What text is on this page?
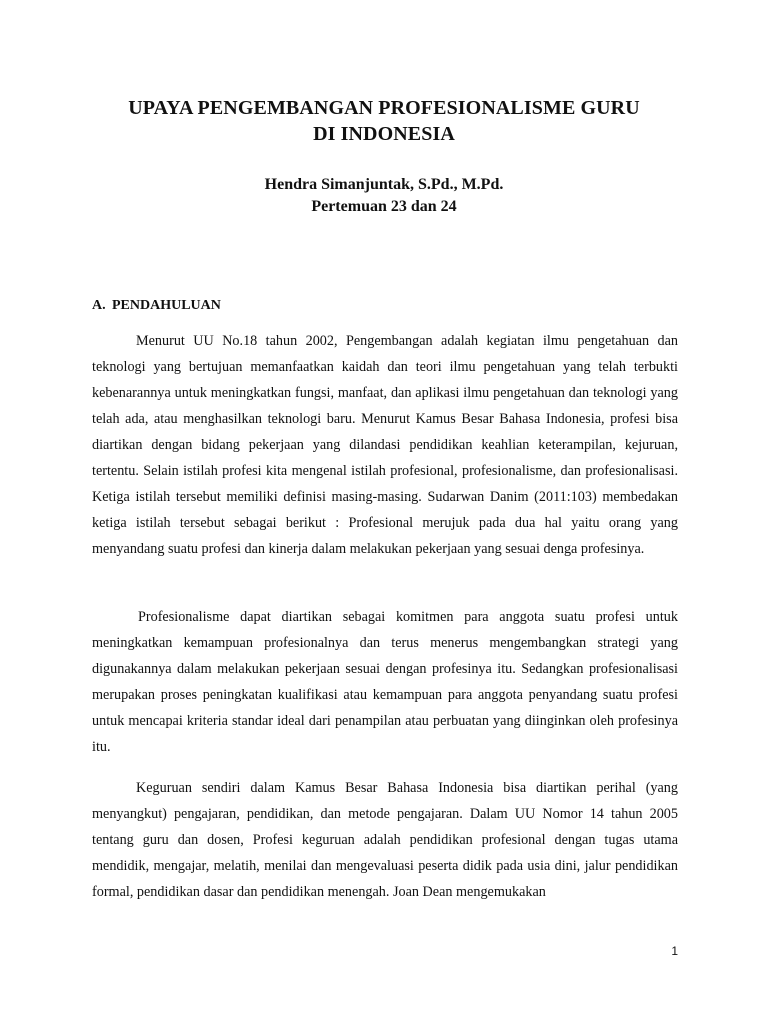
UPAYA PENGEMBANGAN PROFESIONALISME GURU
DI INDONESIA
Hendra Simanjuntak, S.Pd., M.Pd.
Pertemuan 23 dan 24
A. PENDAHULUAN

Menurut UU No.18 tahun 2002, Pengembangan adalah kegiatan ilmu pengetahuan dan teknologi yang bertujuan memanfaatkan kaidah dan teori ilmu pengetahuan yang telah terbukti kebenarannya untuk meningkatkan fungsi, manfaat, dan aplikasi ilmu pengetahuan dan teknologi yang telah ada, atau menghasilkan teknologi baru. Menurut Kamus Besar Bahasa Indonesia, profesi bisa diartikan dengan bidang pekerjaan yang dilandasi pendidikan keahlian keterampilan, kejuruan, tertentu. Selain istilah profesi kita mengenal istilah profesional, profesionalisme, dan profesionalisasi. Ketiga istilah tersebut memiliki definisi masing-masing. Sudarwan Danim (2011:103) membedakan ketiga istilah tersebut sebagai berikut : Profesional merujuk pada dua hal yaitu orang yang menyandang suatu profesi dan kinerja dalam melakukan pekerjaan yang sesuai denga profesinya.

Profesionalisme dapat diartikan sebagai komitmen para anggota suatu profesi untuk meningkatkan kemampuan profesionalnya dan terus menerus mengembangkan strategi yang digunakannya dalam melakukan pekerjaan sesuai dengan profesinya itu. Sedangkan profesionalisasi merupakan proses peningkatan kualifikasi atau kemampuan para anggota penyandang suatu profesi untuk mencapai kriteria standar ideal dari penampilan atau perbuatan yang diinginkan oleh profesinya itu.

Keguruan sendiri dalam Kamus Besar Bahasa Indonesia bisa diartikan perihal (yang menyangkut) pengajaran, pendidikan, dan metode pengajaran. Dalam UU Nomor 14 tahun 2005 tentang guru dan dosen, Profesi keguruan adalah pendidikan profesional dengan tugas utama mendidik, mengajar, melatih, menilai dan mengevaluasi peserta didik pada usia dini, jalur pendidikan formal, pendidikan dasar dan pendidikan menengah. Joan Dean mengemukakan

1
